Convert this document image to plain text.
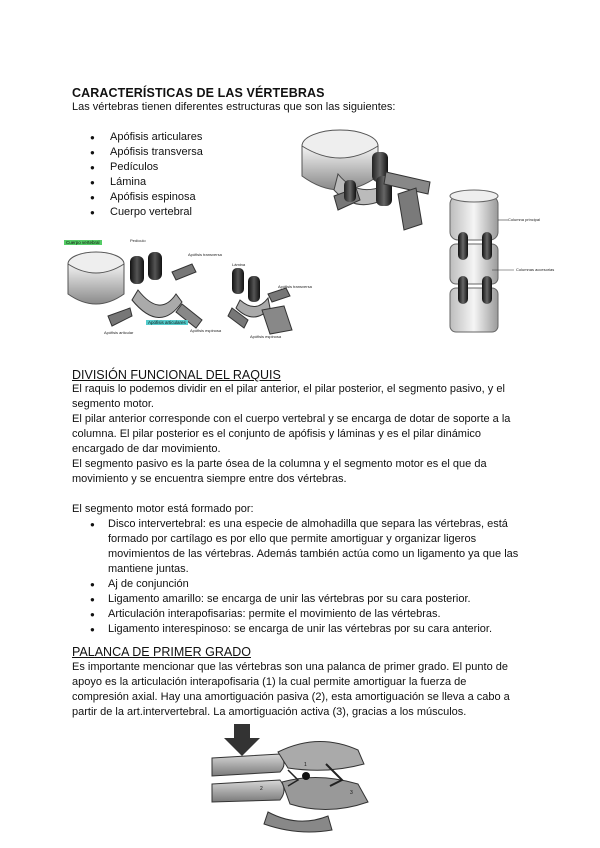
CARACTERÍSTICAS DE LAS VÉRTEBRAS
Las vértebras tienen diferentes estructuras que son las siguientes:
● Apófisis articulares
● Apófisis transversa
● Pedículos
● Lámina
● Apófisis espinosa
● Cuerpo vertebral
Cuerpo vertebral	Pedículo
Apófisis transversa
Apófisis articular
Apófisis articulares
Lámina
Apófisis transversa
Apófisis espinosa
Apófisis espinosa
Columna principal
Columnas accesorias
DIVISIÓN FUNCIONAL DEL RAQUIS
El raquis lo podemos dividir en el pilar anterior, el pilar posterior, el segmento pasivo, y el segmento motor.
El pilar anterior corresponde con el cuerpo vertebral y se encarga de dotar de soporte a la columna. El pilar posterior es el conjunto de apófisis y láminas y es el pilar dinámico encargado de dar movimiento.
El segmento pasivo es la parte ósea de la columna y el segmento motor es el que da movimiento y se encuentra siempre entre dos vértebras.
El segmento motor está formado por:
● Disco intervertebral: es una especie de almohadilla que separa las vértebras, está formado por cartílago es por ello que permite amortiguar y organizar ligeros movimientos de las vértebras. Además también actúa como un ligamento ya que las mantiene juntas.
● Aj de conjunción
● Ligamento amarillo: se encarga de unir las vértebras por su cara posterior.
● Articulación interapofisarias: permite el movimiento de las vértebras.
● Ligamento interespinoso: se encarga de unir las vértebras por su cara anterior.
PALANCA DE PRIMER GRADO
Es importante mencionar que las vértebras son una palanca de primer grado. El punto de apoyo es la articulación interapofisaria (1) la cual permite amortiguar la fuerza de compresión axial. Hay una amortiguación pasiva (2), esta amortiguación se lleva a cabo a partir de la art.intervertebral. La amortiguación activa (3), gracias a los músculos.
2
1
3
